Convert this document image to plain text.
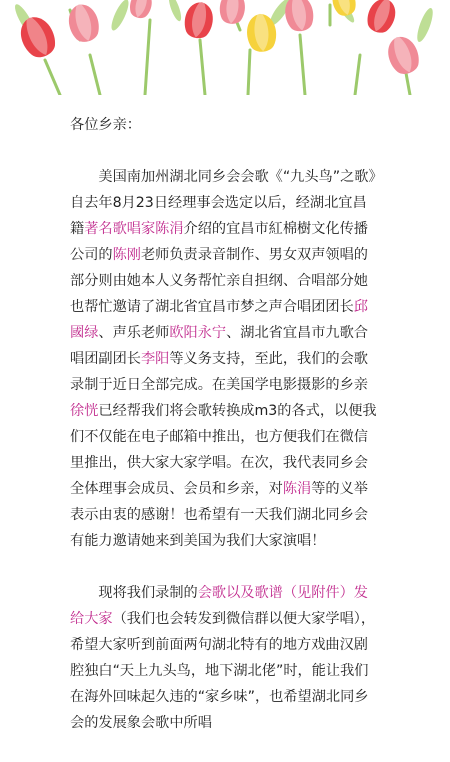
各位乡亲：

美国南加州湖北同乡会会歌《“九头鸟”之歌》自去年8月23日经理事会选定以后，经湖北宜昌籍著名歌唱家陈涓介绍的宜昌市紅棉樹文化传播公司的陈刚老师负责录音制作、男女双声领唱的部分则由她本人义务帮忙亲自担纲、合唱部分她也帮忙邀请了湖北省宜昌市梦之声合唱团团长邱國绿、声乐老师欧阳永宁、湖北省宜昌市九歌合唱团副团长李阳等义务支持，至此，我们的会歌录制于近日全部完成。在美国学电影摄影的乡亲徐恍已经帮我们将会歌转换成m3的各式，以便我们不仅能在电子邮箱中推出，也方便我们在微信里推出，供大家大家学唱。在次，我代表同乡会全体理事会成员、会员和乡亲，对陈涓等的义举表示由衷的感谢！也希望有一天我们湖北同乡会有能力邀请她来到美国为我们大家演唱！

现将我们录制的会歌以及歌谱（见附件）发给大家（我们也会转发到微信群以便大家学唱），希望大家听到前面两句湖北特有的地方戏曲汉剧腔独白“天上九头鸟，地下湖北佬”时，能让我们在海外回味起久违的“家乡味”，也希望湖北同乡会的发展象会歌中所唱
